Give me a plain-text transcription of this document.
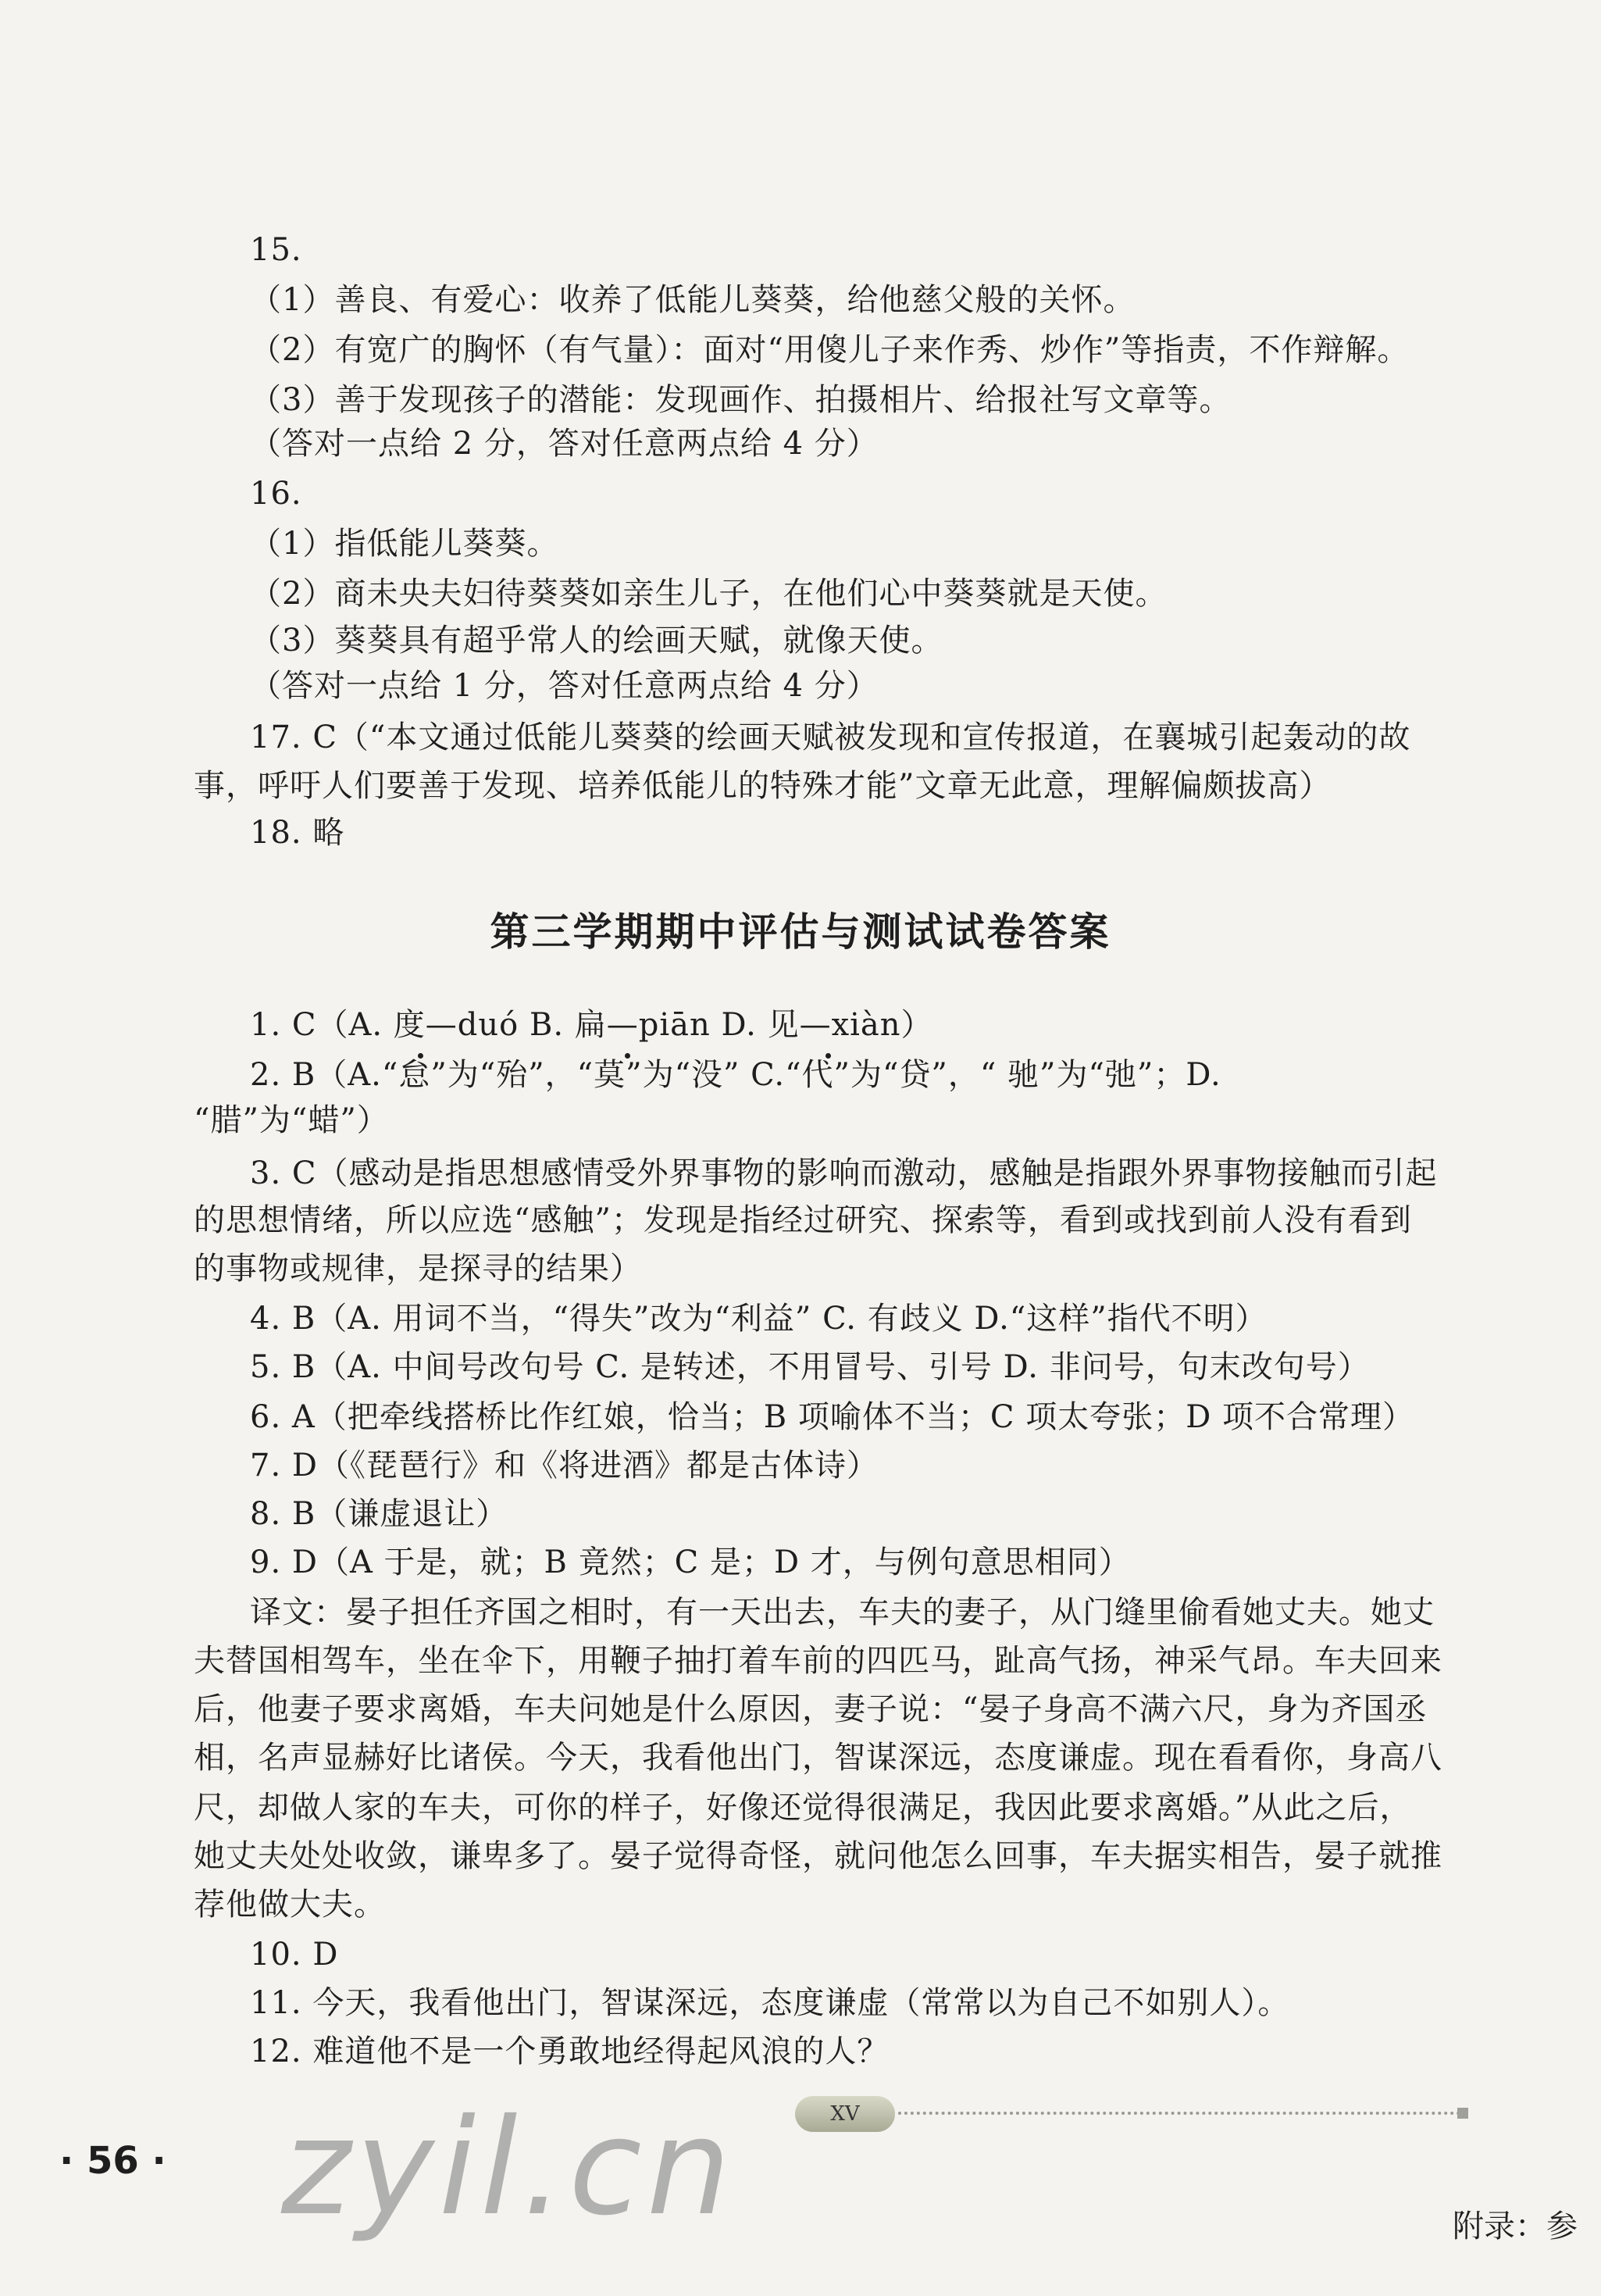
15.
（1）善良、有爱心：收养了低能儿葵葵，给他慈父般的关怀。
（2）有宽广的胸怀（有气量）：面对“用傻儿子来作秀、炒作”等指责，不作辩解。
（3）善于发现孩子的潜能：发现画作、拍摄相片、给报社写文章等。
（答对一点给 2 分，答对任意两点给 4 分）
16.
（1）指低能儿葵葵。
（2）商未央夫妇待葵葵如亲生儿子，在他们心中葵葵就是天使。
（3）葵葵具有超乎常人的绘画天赋，就像天使。
（答对一点给 1 分，答对任意两点给 4 分）
17. C（“本文通过低能儿葵葵的绘画天赋被发现和宣传报道，在襄城引起轰动的故
事，呼吁人们要善于发现、培养低能儿的特殊才能”文章无此意，理解偏颇拔高）
18. 略
第三学期期中评估与测试试卷答案
1. C（A. 度—duó B. 扁—piān D. 见—xiàn）
2. B（A.“怠”为“殆”，“莫”为“没” C.“代”为“贷”，“ 驰”为“弛”；D.
“腊”为“蜡”）
3. C（感动是指思想感情受外界事物的影响而激动，感触是指跟外界事物接触而引起
的思想情绪，所以应选“感触”；发现是指经过研究、探索等，看到或找到前人没有看到
的事物或规律，是探寻的结果）
4. B（A. 用词不当，“得失”改为“利益” C. 有歧义 D.“这样”指代不明）
5. B（A. 中间号改句号 C. 是转述，不用冒号、引号 D. 非问号，句末改句号）
6. A（把牵线搭桥比作红娘，恰当；B 项喻体不当；C 项太夸张；D 项不合常理）
7. D（《琵琶行》和《将进酒》都是古体诗）
8. B（谦虚退让）
9. D（A 于是，就；B 竟然；C 是；D 才，与例句意思相同）
译文：晏子担任齐国之相时，有一天出去，车夫的妻子，从门缝里偷看她丈夫。她丈
夫替国相驾车，坐在伞下，用鞭子抽打着车前的四匹马，趾高气扬，神采气昂。车夫回来
后，他妻子要求离婚，车夫问她是什么原因，妻子说：“晏子身高不满六尺，身为齐国丞
相，名声显赫好比诸侯。今天，我看他出门，智谋深远，态度谦虚。现在看看你，身高八
尺，却做人家的车夫，可你的样子，好像还觉得很满足，我因此要求离婚。”从此之后，
她丈夫处处收敛，谦卑多了。晏子觉得奇怪，就问他怎么回事，车夫据实相告，晏子就推
荐他做大夫。
10. D
11. 今天，我看他出门，智谋深远，态度谦虚（常常以为自己不如别人）。
12. 难道他不是一个勇敢地经得起风浪的人？
XV
· 56 · zyil.cn	附录：参
